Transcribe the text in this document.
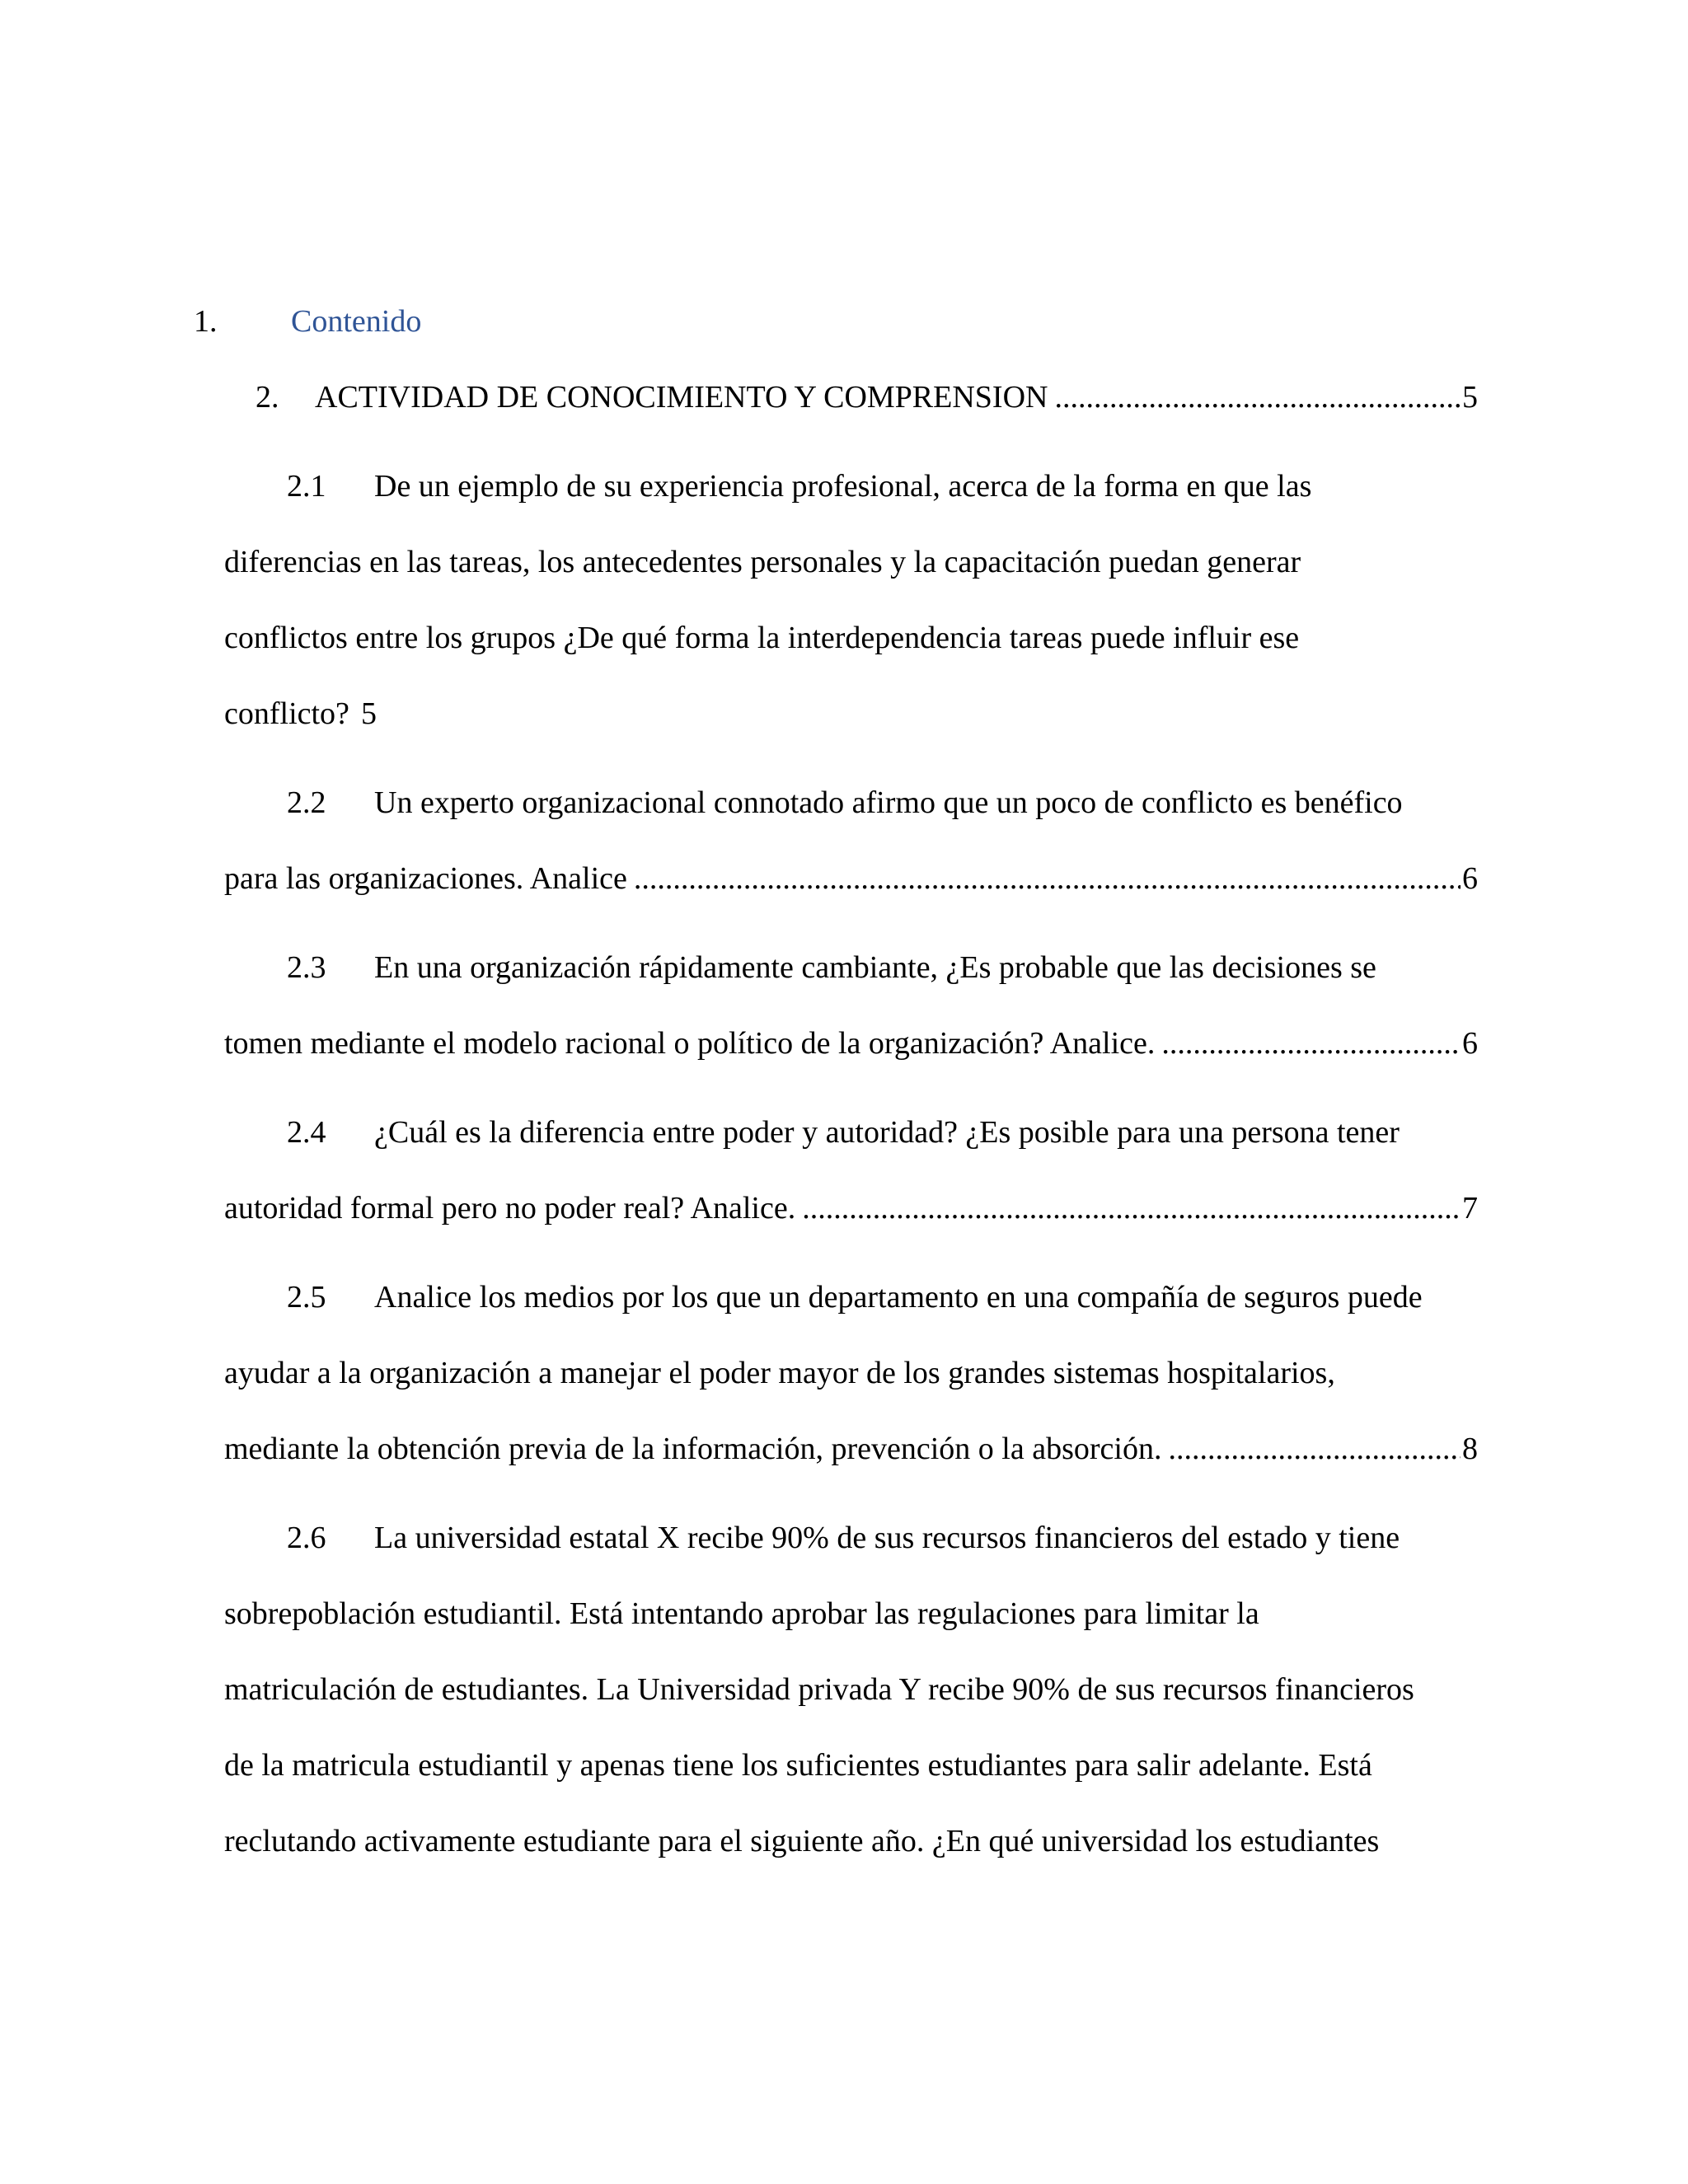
1. Contenido
2.	ACTIVIDAD DE CONOCIMIENTO Y COMPRENSION .....	5
2.1	De un ejemplo de su experiencia profesional, acerca de la forma en que las
diferencias en las tareas, los antecedentes personales y la capacitación puedan generar
conflictos entre los grupos ¿De qué forma la interdependencia tareas puede influir ese
conflicto? 5
2.2	Un experto organizacional connotado afirmo que un poco de conflicto es benéfico
para las organizaciones. Analice .....	6
2.3	En una organización rápidamente cambiante, ¿Es probable que las decisiones se
tomen mediante el modelo racional o político de la organización? Analice. .....	6
2.4	¿Cuál es la diferencia entre poder y autoridad? ¿Es posible para una persona tener
autoridad formal pero no poder real? Analice. .....	7
2.5	Analice los medios por los que un departamento en una compañía de seguros puede
ayudar a la organización a manejar el poder mayor de los grandes sistemas hospitalarios,
mediante la obtención previa de la información, prevención o la absorción. .....	8
2.6	La universidad estatal X recibe 90% de sus recursos financieros del estado y tiene
sobrepoblación estudiantil. Está intentando aprobar las regulaciones para limitar la
matriculación de estudiantes. La Universidad privada Y recibe 90% de sus recursos financieros
de la matricula estudiantil y apenas tiene los suficientes estudiantes para salir adelante. Está
reclutando activamente estudiante para el siguiente año. ¿En qué universidad los estudiantes
